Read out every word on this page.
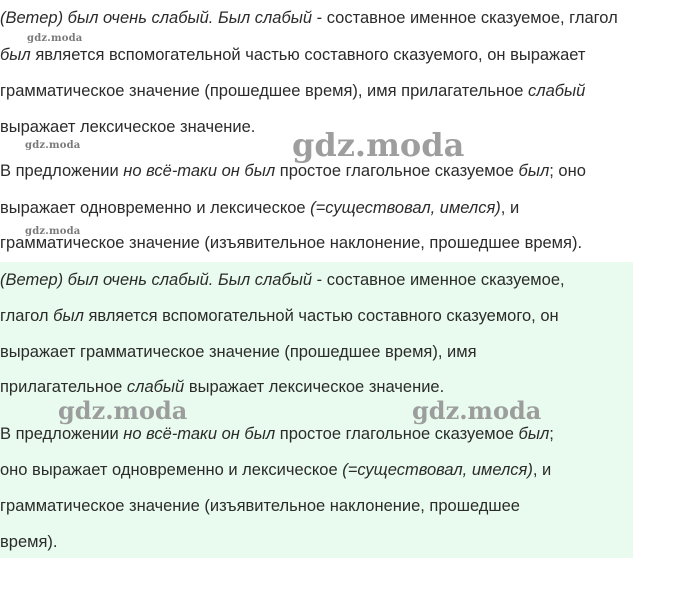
(Ветер) был очень слабый. Был слабый - составное именное сказуемое, глагол

был является вспомогательной частью составного сказуемого, он выражает

грамматическое значение (прошедшее время), имя прилагательное слабый

выражает лексическое значение.

В предложении но всё-таки он был простое глагольное сказуемое был; оно

выражает одновременно и лексическое (=существовал, имелся), и

грамматическое значение (изъявительное наклонение, прошедшее время).

gdz.moda
gdz.moda
gdz.moda
gdz.moda

(Ветер) был очень слабый. Был слабый - составное именное сказуемое,

глагол был является вспомогательной частью составного сказуемого, он

выражает грамматическое значение (прошедшее время), имя

прилагательное слабый выражает лексическое значение.

В предложении но всё-таки он был простое глагольное сказуемое был;

оно выражает одновременно и лексическое (=существовал, имелся), и

грамматическое значение (изъявительное наклонение, прошедшее

время).

gdz.moda	gdz.moda
